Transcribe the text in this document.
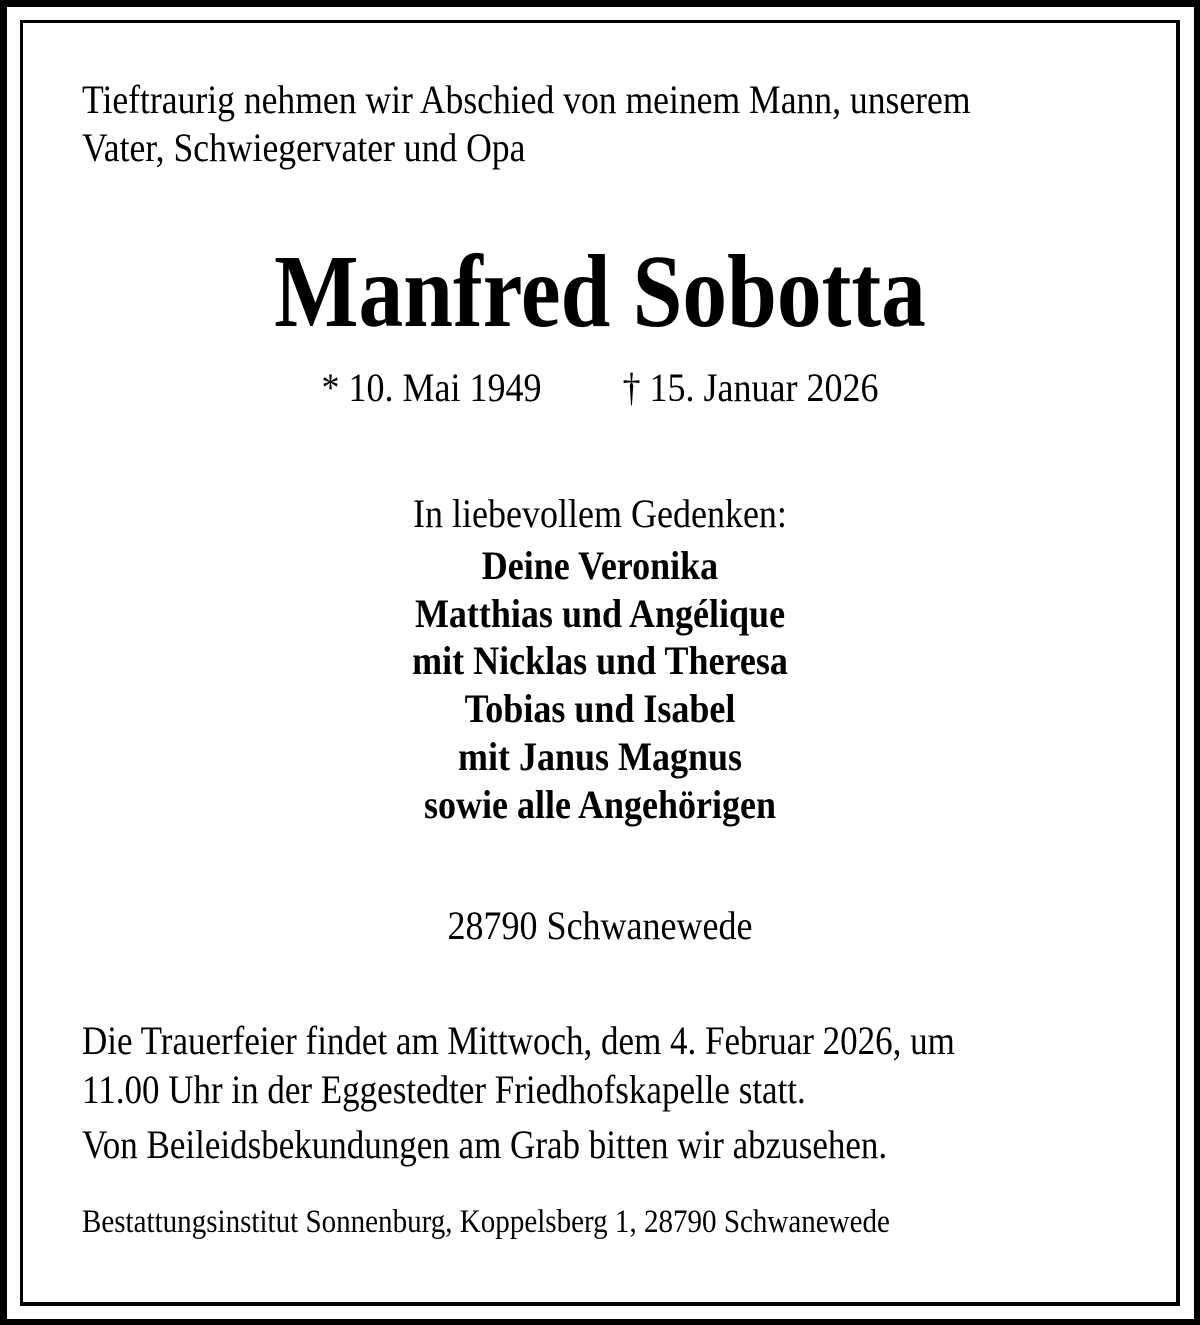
Tieftraurig nehmen wir Abschied von meinem Mann, unserem
Vater, Schwiegervater und Opa
Manfred Sobotta
* 10. Mai 1949 † 15. Januar 2026
In liebevollem Gedenken:
Deine Veronika
Matthias und Angélique
mit Nicklas und Theresa
Tobias und Isabel
mit Janus Magnus
sowie alle Angehörigen
28790 Schwanewede
Die Trauerfeier findet am Mittwoch, dem 4. Februar 2026, um
11.00 Uhr in der Eggestedter Friedhofskapelle statt.
Von Beileidsbekundungen am Grab bitten wir abzusehen.
Bestattungsinstitut Sonnenburg, Koppelsberg 1, 28790 Schwanewede
